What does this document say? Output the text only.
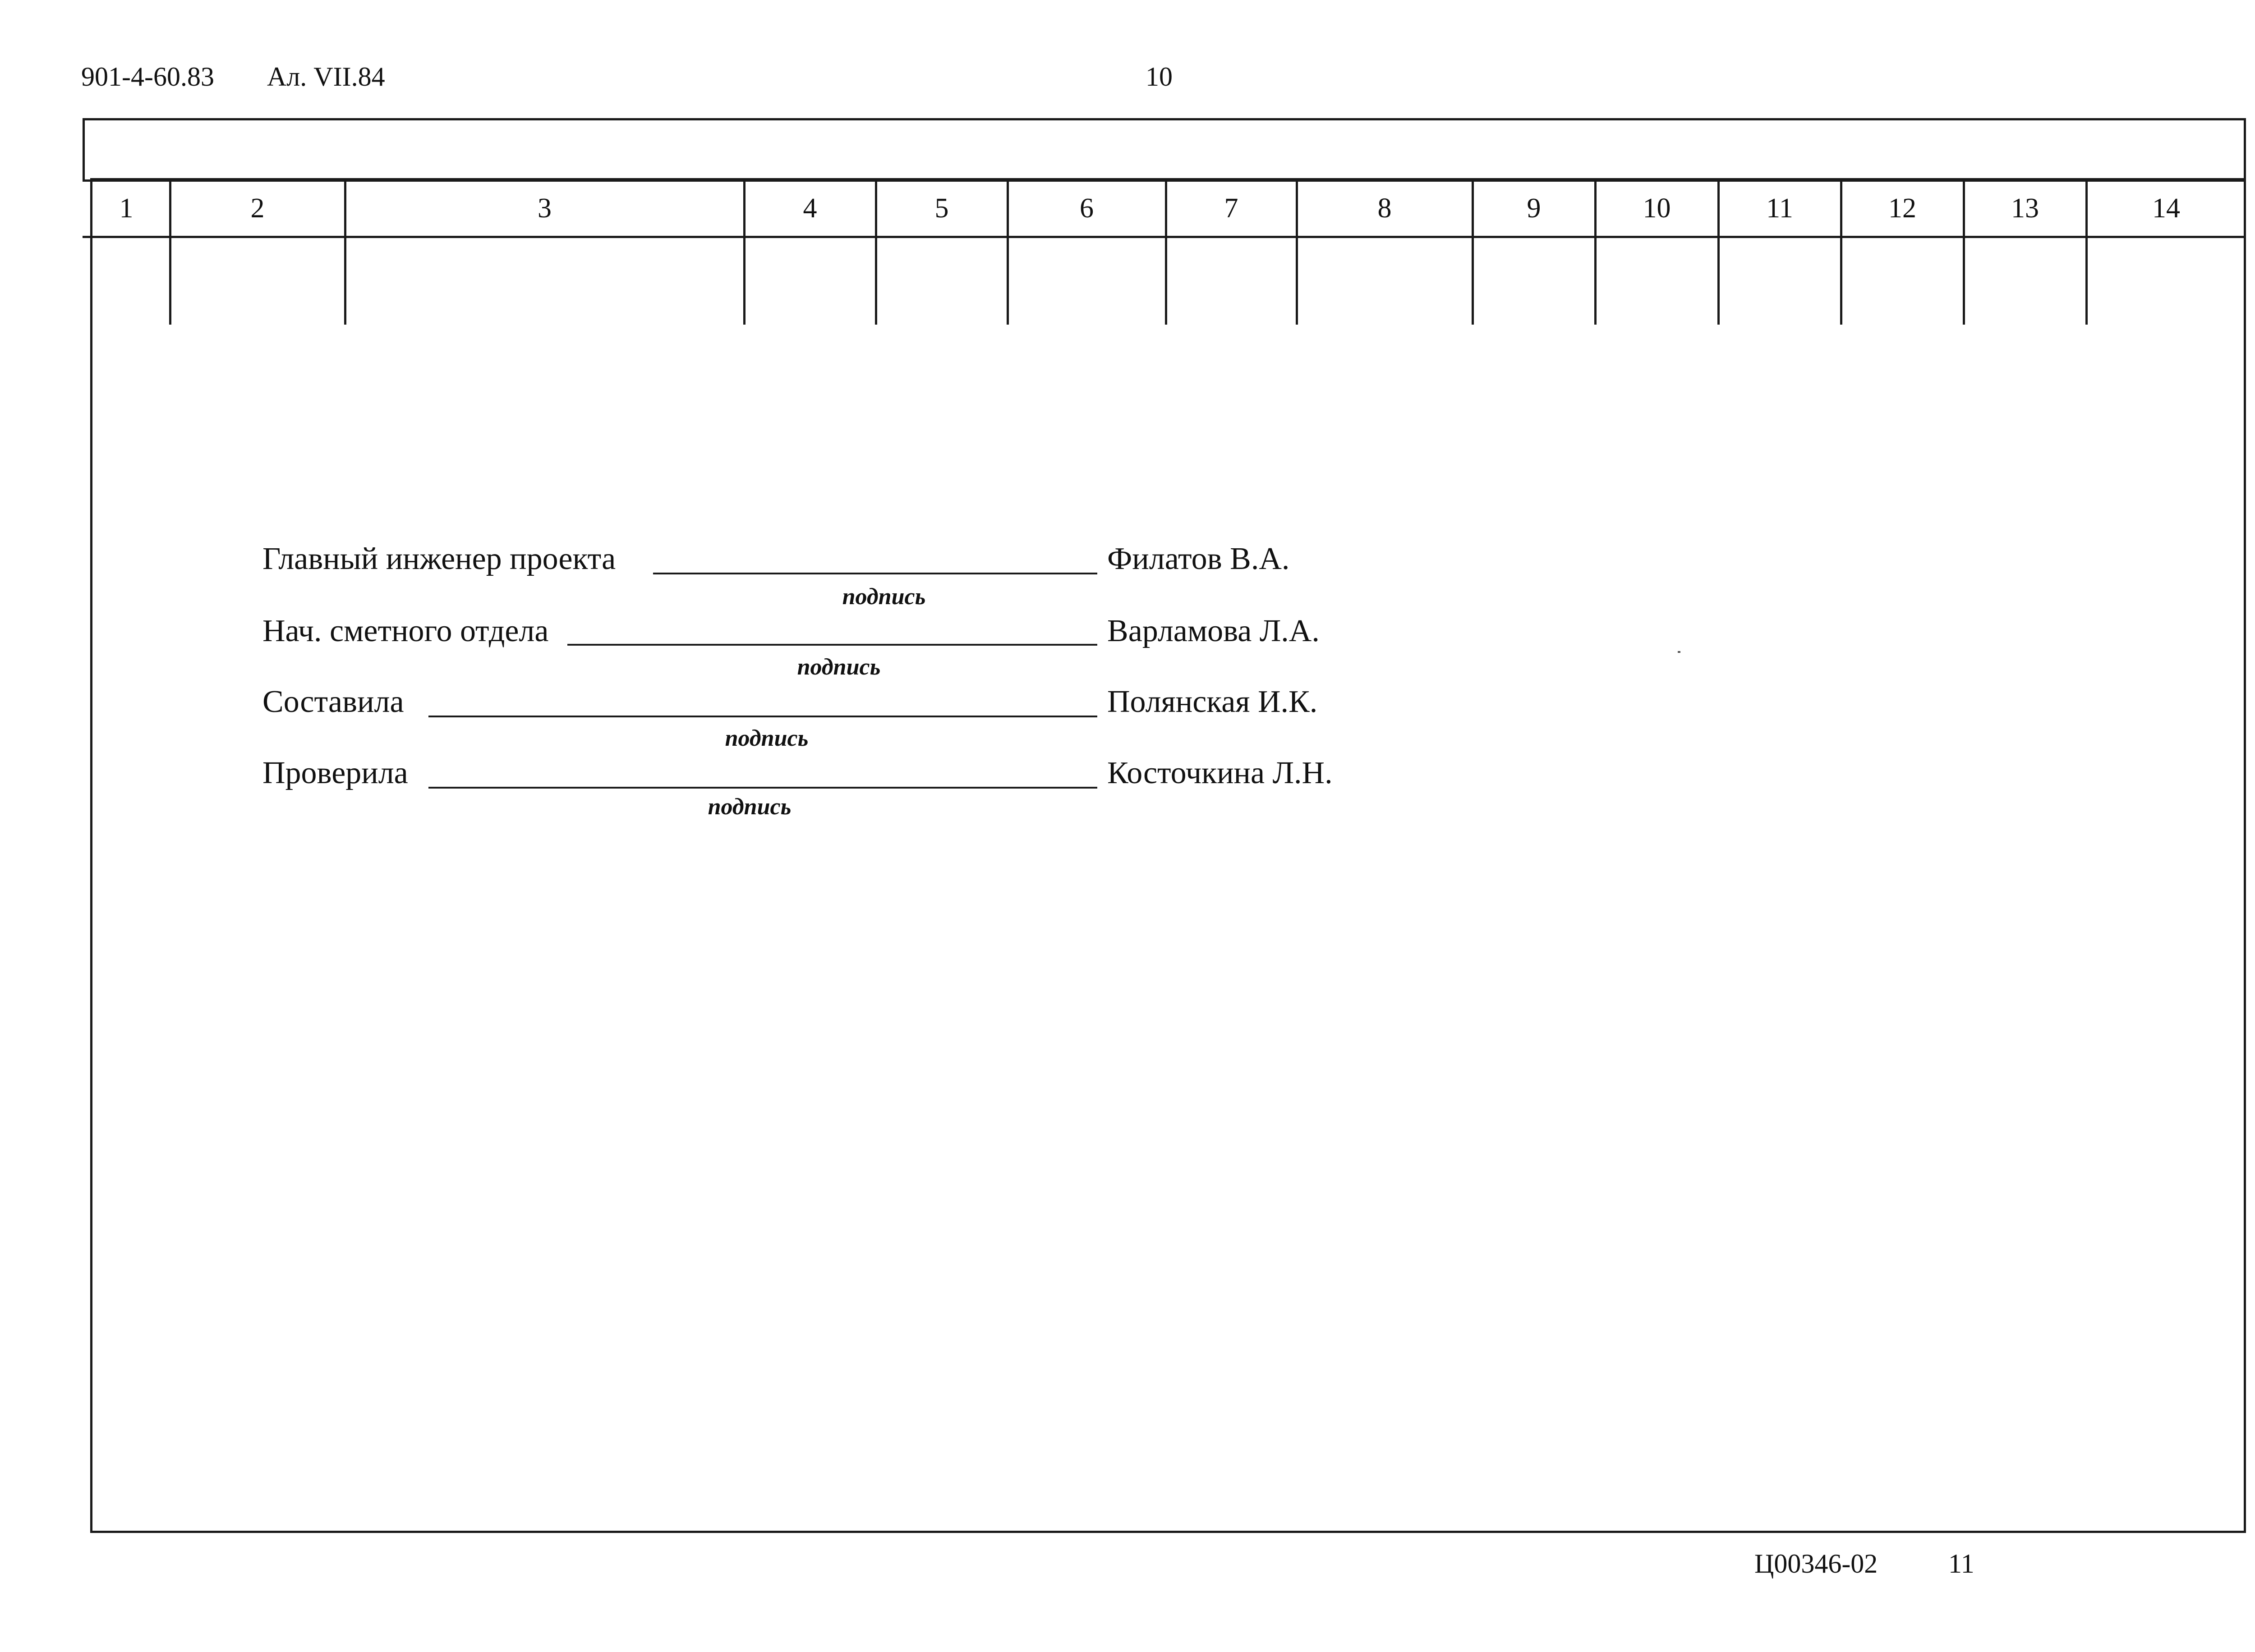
901-4-60.83 Ал. VII.84	10
1	2	3	4	5	6	7	8	9	10	11	12	13	14
Главный инженер проекта
подпись
Филатов В.А.
Нач. сметного отдела
подпись
Варламова Л.А.
Составила
подпись
Полянская И.К.
Проверила
подпись
Косточкина Л.Н.
Ц00346-02	11
